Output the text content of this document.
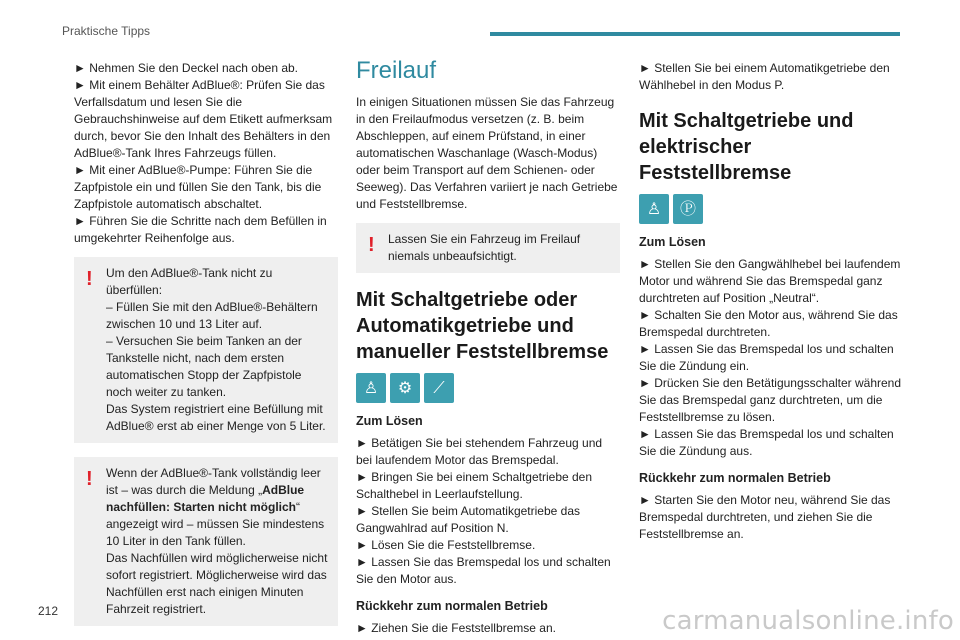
Praktische Tipps

► Nehmen Sie den Deckel nach oben ab.

► Mit einem Behälter AdBlue®: Prüfen Sie das Verfallsdatum und lesen Sie die Gebrauchshinweise auf dem Etikett aufmerksam durch, bevor Sie den Inhalt des Behälters in den AdBlue®-Tank Ihres Fahrzeugs füllen.

► Mit einer AdBlue®-Pumpe: Führen Sie die Zapfpistole ein und füllen Sie den Tank, bis die Zapfpistole automatisch abschaltet.

► Führen Sie die Schritte nach dem Befüllen in umgekehrter Reihenfolge aus.

! Um den AdBlue®-Tank nicht zu überfüllen:

– Füllen Sie mit den AdBlue®-Behältern zwischen 10 und 13 Liter auf.

– Versuchen Sie beim Tanken an der Tankstelle nicht, nach dem ersten automatischen Stopp der Zapfpistole noch weiter zu tanken.

Das System registriert eine Befüllung mit AdBlue® erst ab einer Menge von 5 Liter.

! Wenn der AdBlue®-Tank vollständig leer ist – was durch die Meldung „AdBlue nachfüllen: Starten nicht möglich“ angezeigt wird – müssen Sie mindestens 10 Liter in den Tank füllen.

Das Nachfüllen wird möglicherweise nicht sofort registriert. Möglicherweise wird das Nachfüllen erst nach einigen Minuten Fahrzeit registriert.

Freilauf

In einigen Situationen müssen Sie das Fahrzeug in den Freilaufmodus versetzen (z. B. beim Abschleppen, auf einem Prüfstand, in einer automatischen Waschanlage (Wasch-Modus) oder beim Transport auf dem Schienen- oder Seeweg). Das Verfahren variiert je nach Getriebe und Feststellbremse.

! Lassen Sie ein Fahrzeug im Freilauf niemals unbeaufsichtigt.

Mit Schaltgetriebe oder Automatikgetriebe und manueller Feststellbremse
♙	⚙	⟋
Zum Lösen

► Betätigen Sie bei stehendem Fahrzeug und bei laufendem Motor das Bremspedal.

► Bringen Sie bei einem Schaltgetriebe den Schalthebel in Leerlaufstellung.

► Stellen Sie beim Automatikgetriebe das Gangwahlrad auf Position N.

► Lösen Sie die Feststellbremse.

► Lassen Sie das Bremspedal los und schalten Sie den Motor aus.

Rückkehr zum normalen Betrieb

► Ziehen Sie die Feststellbremse an.

► Stellen Sie bei einem Automatikgetriebe den Wählhebel in den Modus P.

Mit Schaltgetriebe und elektrischer Feststellbremse
♙	Ⓟ
Zum Lösen

► Stellen Sie den Gangwählhebel bei laufendem Motor und während Sie das Bremspedal ganz durchtreten auf Position „Neutral“.

► Schalten Sie den Motor aus, während Sie das Bremspedal durchtreten.

► Lassen Sie das Bremspedal los und schalten Sie die Zündung ein.

► Drücken Sie den Betätigungsschalter während Sie das Bremspedal ganz durchtreten, um die Feststellbremse zu lösen.

► Lassen Sie das Bremspedal los und schalten Sie die Zündung aus.

Rückkehr zum normalen Betrieb

► Starten Sie den Motor neu, während Sie das Bremspedal durchtreten, und ziehen Sie die Feststellbremse an.

212	carmanualsonline.info
